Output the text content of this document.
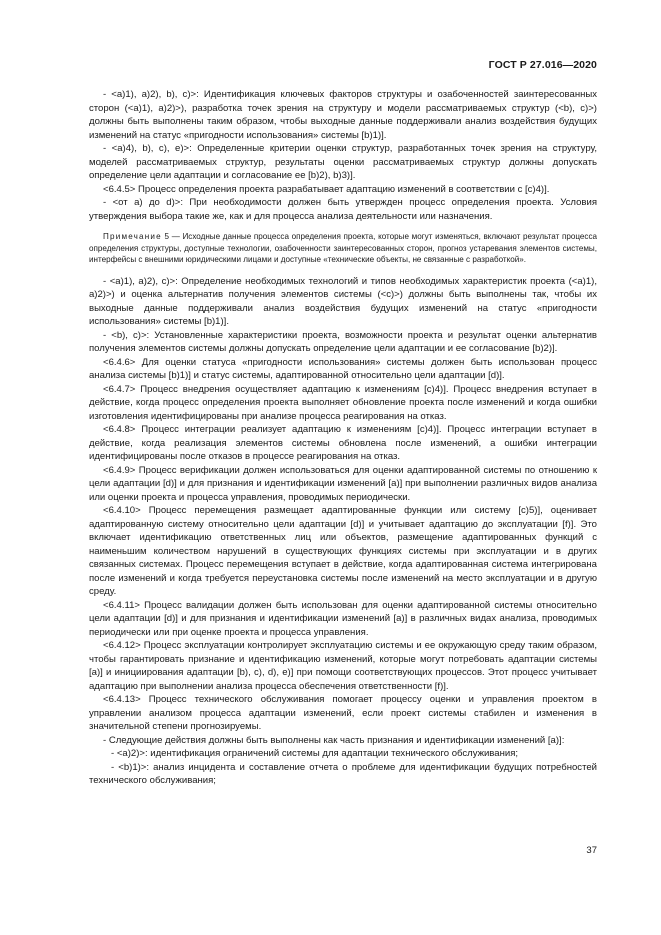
ГОСТ Р 27.016—2020

- <a)1), a)2), b), c)>: Идентификация ключевых факторов структуры и озабоченностей заинтересованных сторон (<a)1), a)2)>), разработка точек зрения на структуру и модели рассматриваемых структур (<b), c)>) должны быть выполнены таким образом, чтобы выходные данные поддерживали анализ воздействия будущих изменений на статус «пригодности использования» системы [b)1)].

- <a)4), b), c), e)>: Определенные критерии оценки структур, разработанных точек зрения на структуру, моделей рассматриваемых структур, результаты оценки рассматриваемых структур должны допускать определение цели адаптации и согласование ее [b)2), b)3)].

<6.4.5> Процесс определения проекта разрабатывает адаптацию изменений в соответствии с [c)4)].

- <от a) до d)>: При необходимости должен быть утвержден процесс определения проекта. Условия утверждения выбора такие же, как и для процесса анализа деятельности или назначения.

Примечание 5 — Исходные данные процесса определения проекта, которые могут изменяться, включают результат процесса определения структуры, доступные технологии, озабоченности заинтересованных сторон, прогноз устаревания элементов системы, интерфейсы с внешними юридическими лицами и доступные «технические объекты, не связанные с разработкой».

- <a)1), a)2), c)>: Определение необходимых технологий и типов необходимых характеристик проекта (<a)1), a)2)>) и оценка альтернатив получения элементов системы (<c)>) должны быть выполнены так, чтобы их выходные данные поддерживали анализ воздействия будущих изменений на статус «пригодности использования» системы [b)1)].

- <b), c)>: Установленные характеристики проекта, возможности проекта и результат оценки альтернатив получения элементов системы должны допускать определение цели адаптации и ее согласование [b)2)].

<6.4.6> Для оценки статуса «пригодности использования» системы должен быть использован процесс анализа системы [b)1)] и статус системы, адаптированной относительно цели адаптации [d)].

<6.4.7> Процесс внедрения осуществляет адаптацию к изменениям [c)4)]. Процесс внедрения вступает в действие, когда процесс определения проекта выполняет обновление проекта после изменений и когда ошибки изготовления идентифицированы при анализе процесса реагирования на отказ.

<6.4.8> Процесс интеграции реализует адаптацию к изменениям [c)4)]. Процесс интеграции вступает в действие, когда реализация элементов системы обновлена после изменений, а ошибки интеграции идентифицированы после отказов в процессе реагирования на отказ.

<6.4.9> Процесс верификации должен использоваться для оценки адаптированной системы по отношению к цели адаптации [d)] и для признания и идентификации изменений [a)] при выполнении различных видов анализа или оценки проекта и процесса управления, проводимых периодически.

<6.4.10> Процесс перемещения размещает адаптированные функции или систему [c)5)], оценивает адаптированную систему относительно цели адаптации [d)] и учитывает адаптацию до эксплуатации [f)]. Это включает идентификацию ответственных лиц или объектов, размещение адаптированных функций с наименьшим количеством нарушений в существующих функциях системы при эксплуатации и в других связанных системах. Процесс перемещения вступает в действие, когда адаптированная система интегрирована после изменений и когда требуется переустановка системы после изменений на место эксплуатации и в другую среду.

<6.4.11> Процесс валидации должен быть использован для оценки адаптированной системы относительно цели адаптации [d)] и для признания и идентификации изменений [a)] в различных видах анализа, проводимых периодически или при оценке проекта и процесса управления.

<6.4.12> Процесс эксплуатации контролирует эксплуатацию системы и ее окружающую среду таким образом, чтобы гарантировать признание и идентификацию изменений, которые могут потребовать адаптации системы [a)] и инициирования адаптации [b), c), d), e)] при помощи соответствующих процессов. Этот процесс учитывает адаптацию при выполнении анализа процесса обеспечения ответственности [f)].

<6.4.13> Процесс технического обслуживания помогает процессу оценки и управления проектом в управлении анализом процесса адаптации изменений, если проект системы стабилен и изменения в значительной степени прогнозируемы.

- Следующие действия должны быть выполнены как часть признания и идентификации изменений [a)]:

- <a)2)>: идентификация ограничений системы для адаптации технического обслуживания;

- <b)1)>: анализ инцидента и составление отчета о проблеме для идентификации будущих потребностей технического обслуживания;

37
